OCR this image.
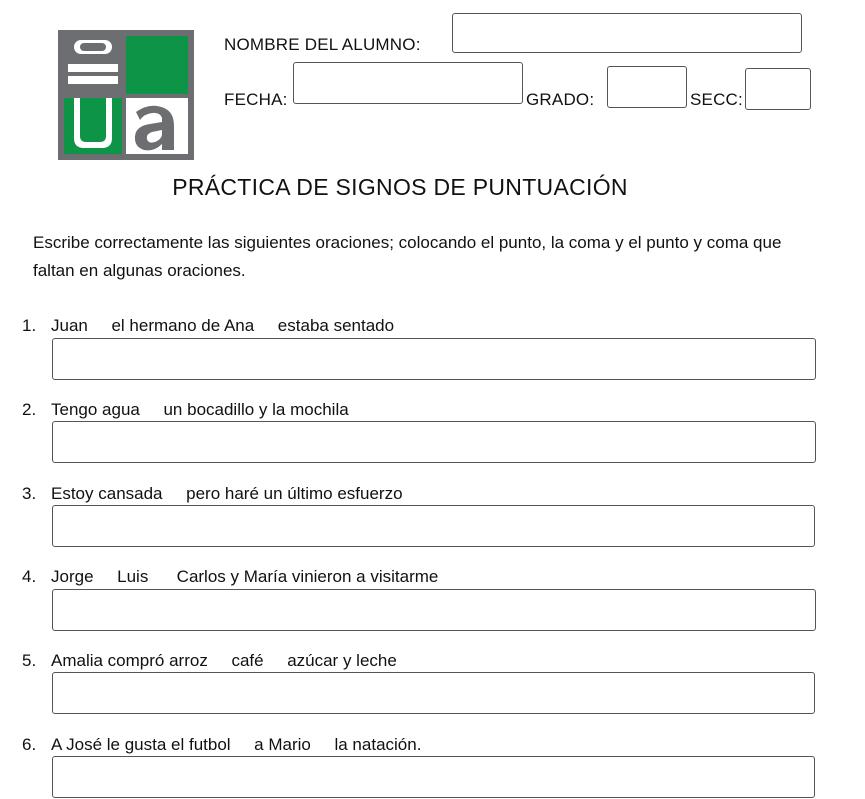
NOMBRE DEL ALUMNO:
FECHA:	GRADO:	SECC:
PRÁCTICA DE SIGNOS DE PUNTUACIÓN
Escribe correctamente las siguientes oraciones; colocando el punto, la coma y el punto y coma que faltan en algunas oraciones.
1. Juan     el hermano de Ana     estaba sentado
2. Tengo agua     un bocadillo y la mochila
3. Estoy cansada     pero haré un último esfuerzo
4. Jorge     Luis      Carlos y María vinieron a visitarme
5. Amalia compró arroz     café     azúcar y leche
6. A José le gusta el futbol     a Mario     la natación.
